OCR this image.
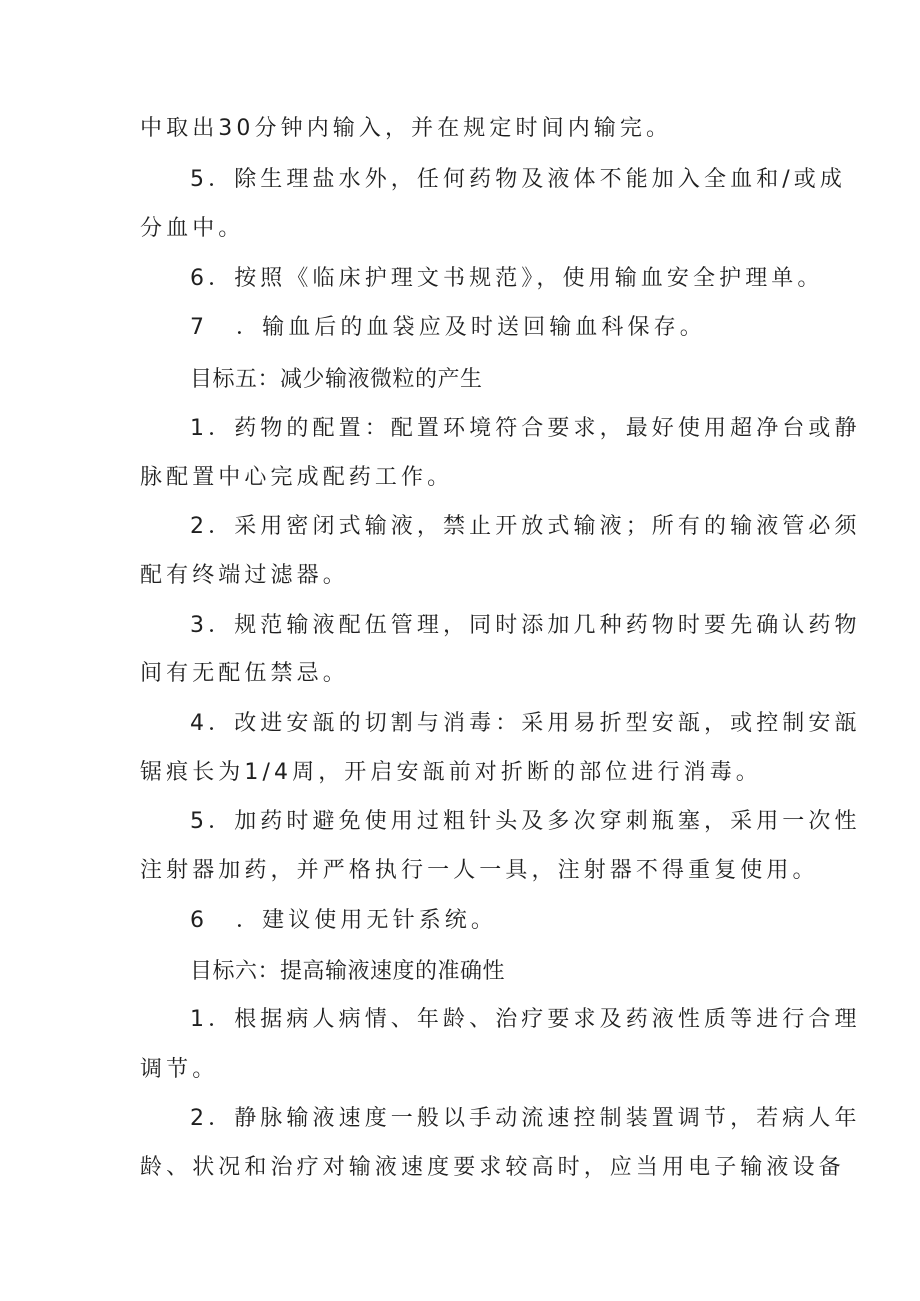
中取出30分钟内输入，并在规定时间内输完。
5．除生理盐水外，任何药物及液体不能加入全血和/或成
分血中。
6．按照《临床护理文书规范》，使用输血安全护理单。
7 ．输血后的血袋应及时送回输血科保存。
目标五：减少输液微粒的产生
1．药物的配置：配置环境符合要求，最好使用超净台或静
脉配置中心完成配药工作。
2．采用密闭式输液，禁止开放式输液；所有的输液管必须
配有终端过滤器。
3．规范输液配伍管理，同时添加几种药物时要先确认药物
间有无配伍禁忌。
4．改进安瓿的切割与消毒：采用易折型安瓿，或控制安瓿
锯痕长为1/4周，开启安瓿前对折断的部位进行消毒。
5．加药时避免使用过粗针头及多次穿刺瓶塞，采用一次性
注射器加药，并严格执行一人一具，注射器不得重复使用。
6 ．建议使用无针系统。
目标六：提高输液速度的准确性
1．根据病人病情、年龄、治疗要求及药液性质等进行合理
调节。
2．静脉输液速度一般以手动流速控制装置调节，若病人年
龄、状况和治疗对输液速度要求较高时，应当用电子输液设备
